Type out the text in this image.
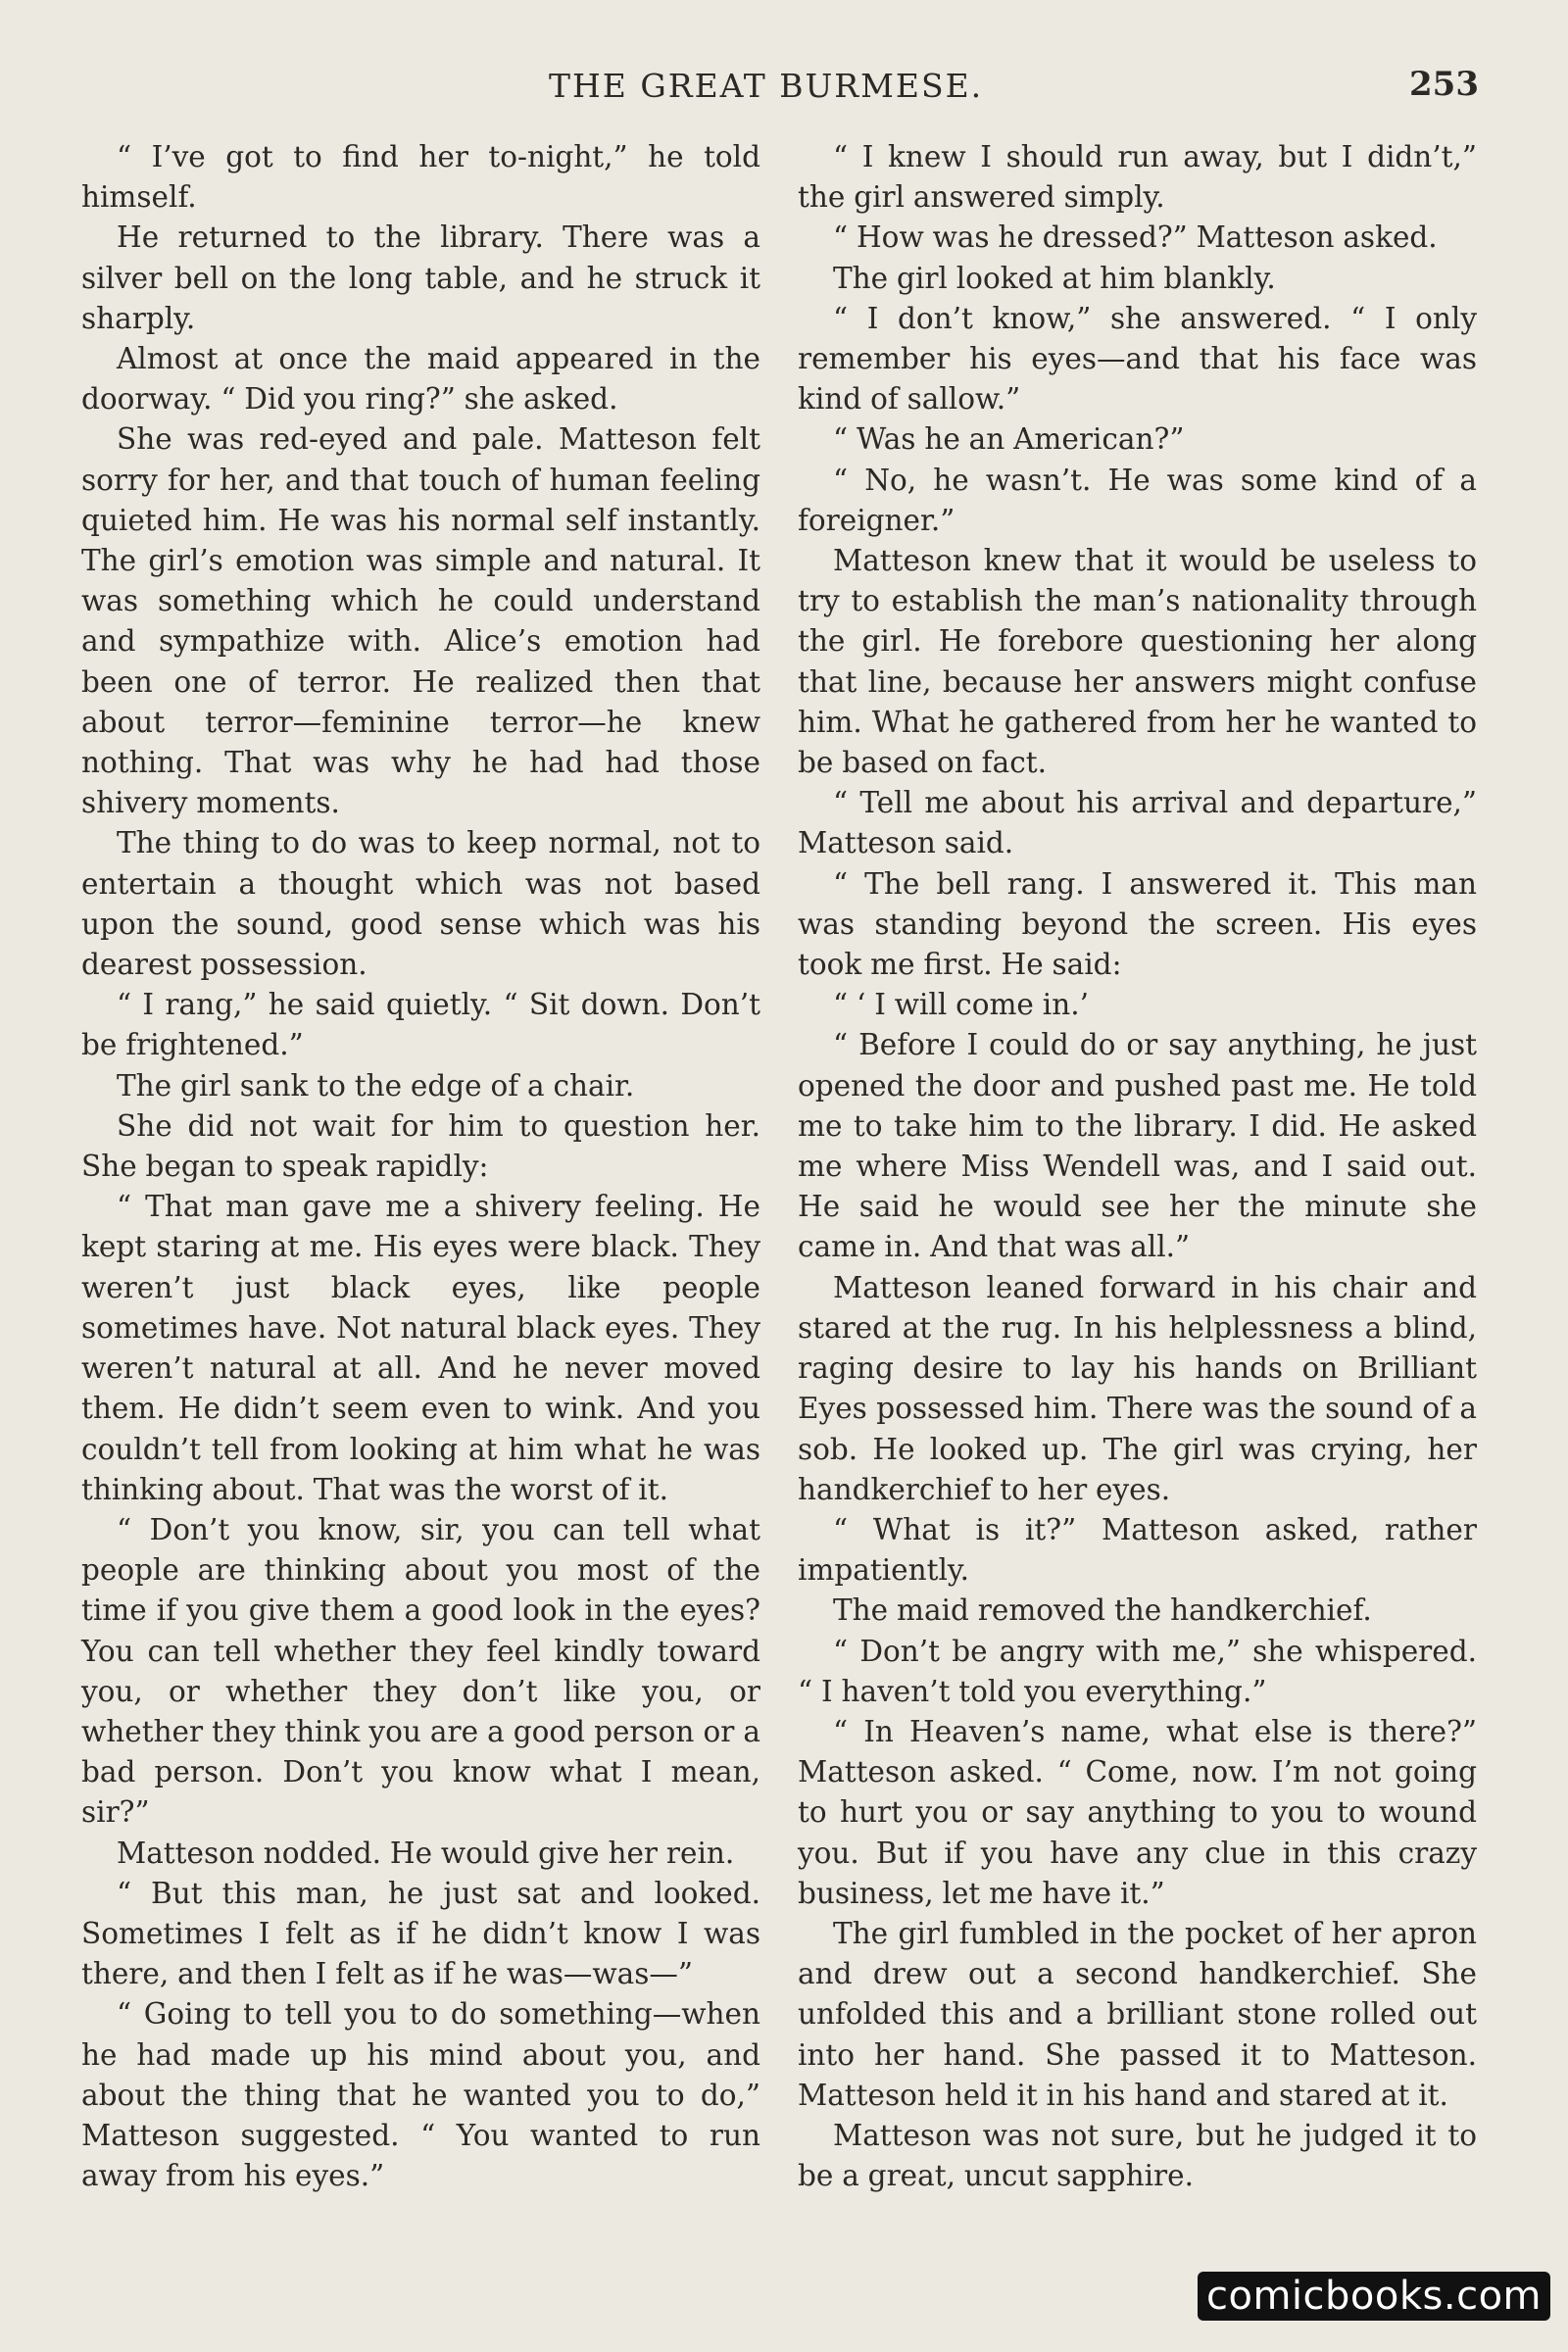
THE GREAT BURMESE.	253

“ I’ve got to find her to-night,” he told himself.

He returned to the library. There was a silver bell on the long table, and he struck it sharply.

Almost at once the maid appeared in the doorway. “ Did you ring?” she asked.

She was red-eyed and pale. Matteson felt sorry for her, and that touch of human feeling quieted him. He was his normal self instantly. The girl’s emotion was simple and natural. It was something which he could understand and sympathize with. Alice’s emotion had been one of terror. He realized then that about terror—feminine terror—he knew nothing. That was why he had had those shivery moments.

The thing to do was to keep normal, not to entertain a thought which was not based upon the sound, good sense which was his dearest possession.

“ I rang,” he said quietly. “ Sit down. Don’t be frightened.”

The girl sank to the edge of a chair.

She did not wait for him to question her. She began to speak rapidly:

“ That man gave me a shivery feeling. He kept staring at me. His eyes were black. They weren’t just black eyes, like people sometimes have. Not natural black eyes. They weren’t natural at all. And he never moved them. He didn’t seem even to wink. And you couldn’t tell from looking at him what he was thinking about. That was the worst of it.

“ Don’t you know, sir, you can tell what people are thinking about you most of the time if you give them a good look in the eyes? You can tell whether they feel kindly toward you, or whether they don’t like you, or whether they think you are a good person or a bad person. Don’t you know what I mean, sir?”

Matteson nodded. He would give her rein.

“ But this man, he just sat and looked. Sometimes I felt as if he didn’t know I was there, and then I felt as if he was—was—”

“ Going to tell you to do something—when he had made up his mind about you, and about the thing that he wanted you to do,” Matteson suggested. “ You wanted to run away from his eyes.”

“ I knew I should run away, but I didn’t,” the girl answered simply.

“ How was he dressed?” Matteson asked.

The girl looked at him blankly.

“ I don’t know,” she answered. “ I only remember his eyes—and that his face was kind of sallow.”

“ Was he an American?”

“ No, he wasn’t. He was some kind of a foreigner.”

Matteson knew that it would be useless to try to establish the man’s nationality through the girl. He forebore questioning her along that line, because her answers might confuse him. What he gathered from her he wanted to be based on fact.

“ Tell me about his arrival and departure,” Matteson said.

“ The bell rang. I answered it. This man was standing beyond the screen. His eyes took me first. He said:

“ ‘ I will come in.’

“ Before I could do or say anything, he just opened the door and pushed past me. He told me to take him to the library. I did. He asked me where Miss Wendell was, and I said out. He said he would see her the minute she came in. And that was all.”

Matteson leaned forward in his chair and stared at the rug. In his helplessness a blind, raging desire to lay his hands on Brilliant Eyes possessed him. There was the sound of a sob. He looked up. The girl was crying, her handkerchief to her eyes.

“ What is it?” Matteson asked, rather impatiently.

The maid removed the handkerchief.

“ Don’t be angry with me,” she whispered. “ I haven’t told you everything.”

“ In Heaven’s name, what else is there?” Matteson asked. “ Come, now. I’m not going to hurt you or say anything to you to wound you. But if you have any clue in this crazy business, let me have it.”

The girl fumbled in the pocket of her apron and drew out a second handkerchief. She unfolded this and a brilliant stone rolled out into her hand. She passed it to Matteson. Matteson held it in his hand and stared at it.

Matteson was not sure, but he judged it to be a great, uncut sapphire.

comicbooks.com
